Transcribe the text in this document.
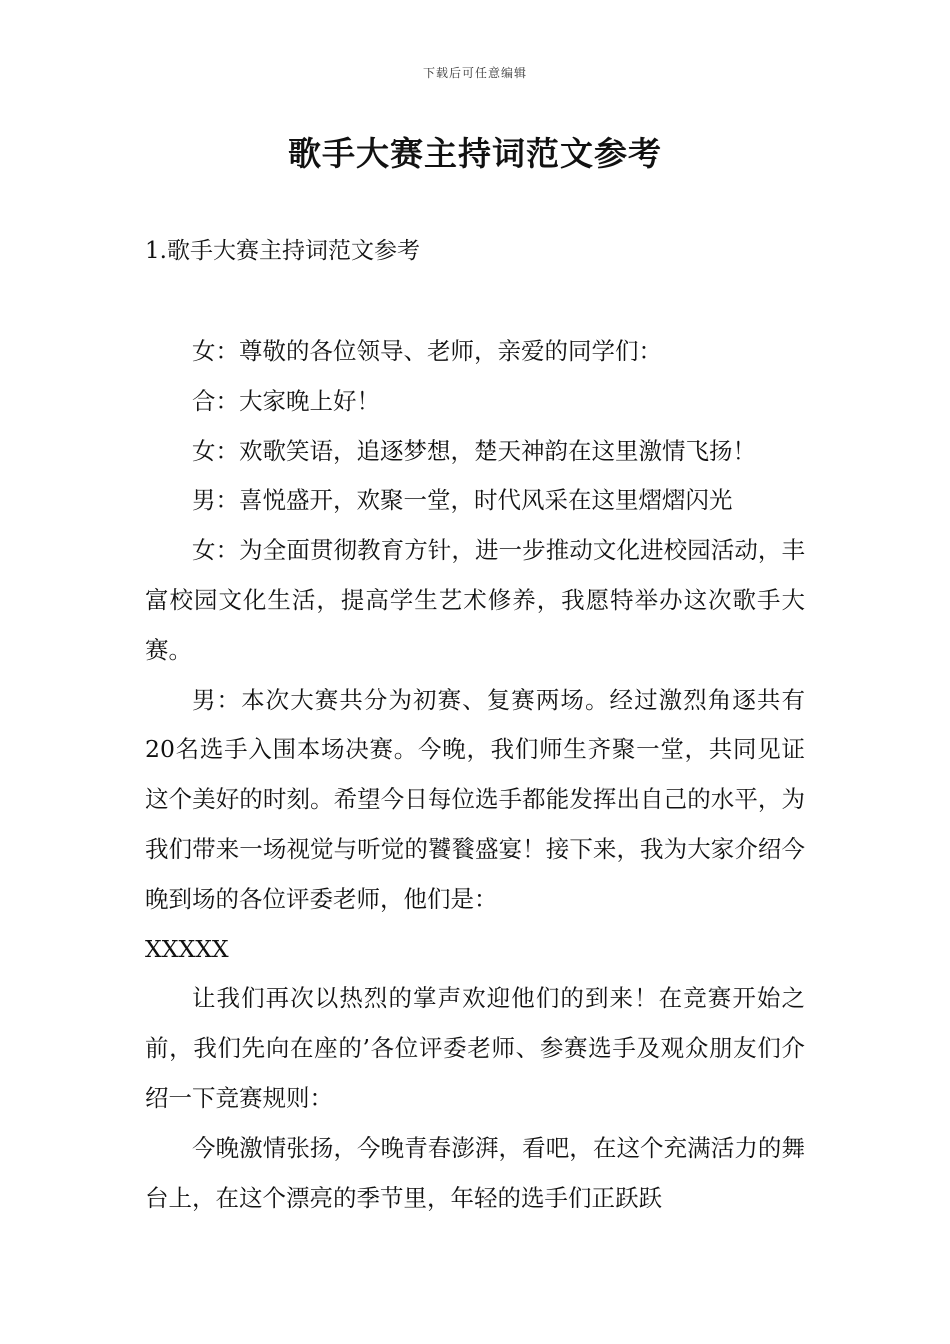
下载后可任意编辑
歌手大赛主持词范文参考
1.歌手大赛主持词范文参考

女：尊敬的各位领导、老师，亲爱的同学们：

合：大家晚上好！

女：欢歌笑语，追逐梦想，楚天神韵在这里激情飞扬！

男：喜悦盛开，欢聚一堂，时代风采在这里熠熠闪光

女：为全面贯彻教育方针，进一步推动文化进校园活动，丰富校园文化生活，提高学生艺术修养，我愿特举办这次歌手大赛。

男：本次大赛共分为初赛、复赛两场。经过激烈角逐共有20名选手入围本场决赛。今晚，我们师生齐聚一堂，共同见证这个美好的时刻。希望今日每位选手都能发挥出自己的水平，为我们带来一场视觉与听觉的饕餮盛宴！接下来，我为大家介绍今晚到场的各位评委老师，他们是：

XXXXX

让我们再次以热烈的掌声欢迎他们的到来！在竞赛开始之前，我们先向在座的’各位评委老师、参赛选手及观众朋友们介绍一下竞赛规则：

今晚激情张扬，今晚青春澎湃，看吧，在这个充满活力的舞台上，在这个漂亮的季节里，年轻的选手们正跃跃
